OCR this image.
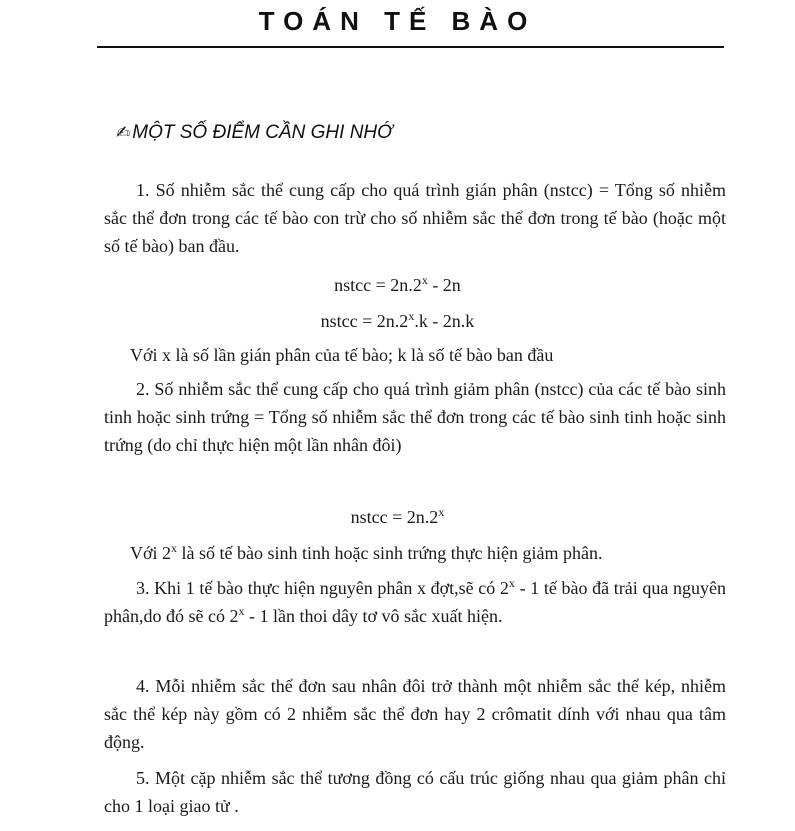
TOÁN TẾ BÀO
✍ MỘT SỐ ĐIỂM CẦN GHI NHỚ

1. Số nhiễm sắc thể cung cấp cho quá trình gián phân (nstcc) = Tổng số nhiễm sắc thể đơn trong các tế bào con trừ cho số nhiễm sắc thể đơn trong tế bào (hoặc một số tế bào) ban đầu.

nstcc = $2n.2^x - 2n$
nstcc = $2n.2^x.k - 2n.k$

Với x là số lần gián phân của tế bào; k là số tế bào ban đầu

2. Số nhiễm sắc thể cung cấp cho quá trình giảm phân (nstcc) của các tế bào sinh tinh hoặc sinh trứng = Tổng số nhiễm sắc thể đơn trong các tế bào sinh tinh hoặc sinh trứng (do chỉ thực hiện một lần nhân đôi)

nstcc = $2n.2^x$

Với 2$^x$ là số tế bào sinh tinh hoặc sinh trứng thực hiện giảm phân.

3. Khi 1 tế bào thực hiện nguyên phân x đợt,sẽ có 2$^x$ - 1 tế bào đã trải qua nguyên phân,do đó sẽ có 2$^x$ - 1 lần thoi dây tơ vô sắc xuất hiện.

4. Mỗi nhiễm sắc thể đơn sau nhân đôi trở thành một nhiễm sắc thể kép, nhiễm sắc thể kép này gồm có 2 nhiễm sắc thể đơn hay 2 crômatit dính với nhau qua tâm động.

5. Một cặp nhiễm sắc thể tương đồng có cấu trúc giống nhau qua giảm phân chỉ cho 1 loại giao tử .
